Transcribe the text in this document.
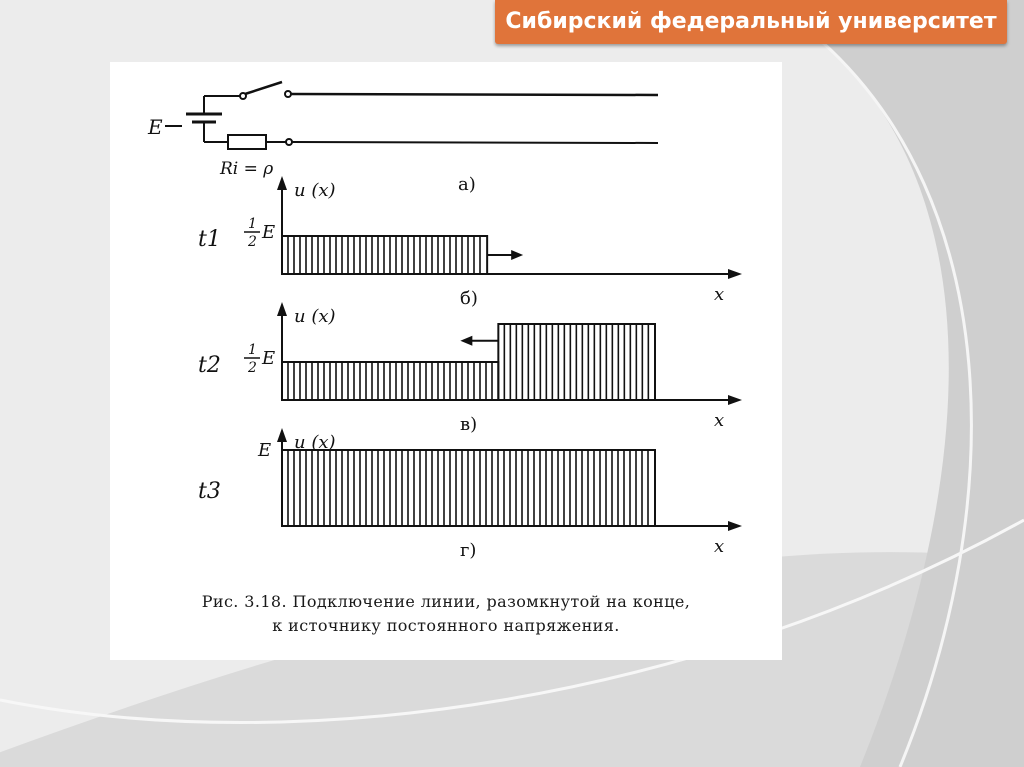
Сибирский федеральный университет
E
Ri = ρ
а)
u (x)
x
t1
б)
1
2 E
u (x)
x
t2
в)
1
2 E
u (x)
x
t3
г)
E
Рис. 3.18. Подключение линии, разомкнутой на конце,
к источнику постоянного напряжения.
